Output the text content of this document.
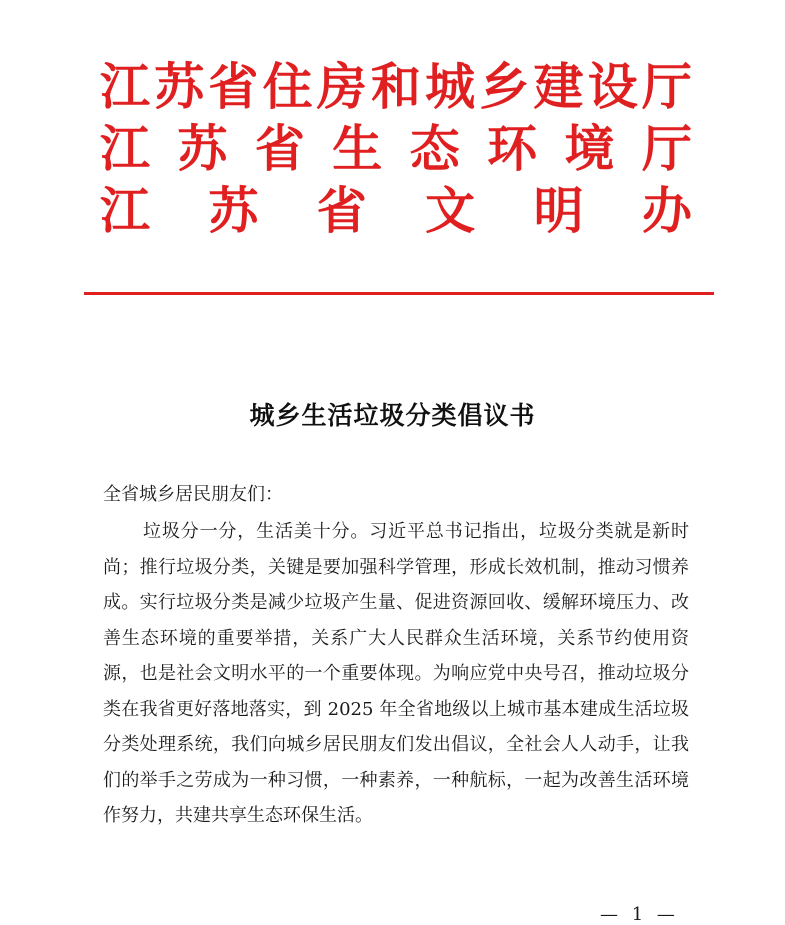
江 苏 省 住 房 和 城 乡 建 设 厅
江 苏 省 生 态 环 境 厅
江 苏 省 文 明 办
城乡生活垃圾分类倡议书
全省城乡居民朋友们：

垃圾分一分，生活美十分。习近平总书记指出，垃圾分类就是新时尚；推行垃圾分类，关键是要加强科学管理，形成长效机制，推动习惯养成。实行垃圾分类是减少垃圾产生量、促进资源回收、缓解环境压力、改善生态环境的重要举措，关系广大人民群众生活环境，关系节约使用资源，也是社会文明水平的一个重要体现。为响应党中央号召，推动垃圾分类在我省更好落地落实，到 2025 年全省地级以上城市基本建成生活垃圾分类处理系统，我们向城乡居民朋友们发出倡议，全社会人人动手，让我们的举手之劳成为一种习惯，一种素养，一种航标，一起为改善生活环境作努力，共建共享生态环保生活。

— 1 —
